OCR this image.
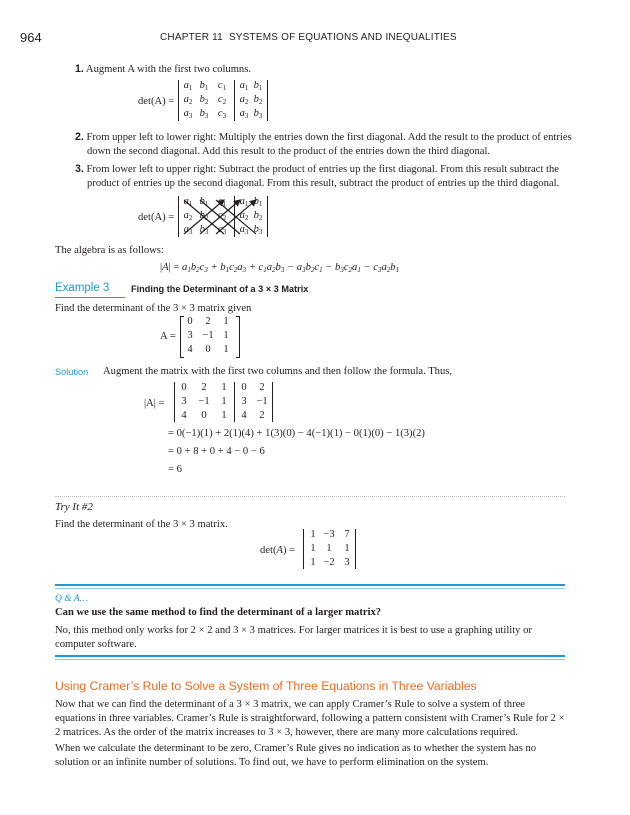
964	CHAPTER 11 SYSTEMS OF EQUATIONS AND INEQUALITIES
1. Augment A with the first two columns.
det(A) =
$a_1$ $b_1$ $c_1$	$a_1$ $b_1$
$a_2$ $b_2$ $c_2$	$a_2$ $b_2$
$a_3$ $b_3$ $c_3$	$a_3$ $b_3$
2. From upper left to lower right: Multiply the entries down the first diagonal. Add the result to the product of entries down the second diagonal. Add this result to the product of the entries down the third diagonal.
3. From lower left to upper right: Subtract the product of entries up the first diagonal. From this result subtract the product of entries up the second diagonal. From this result, subtract the product of entries up the third diagonal.
det(A) =
$a_1$ $b_1$ $c_1$	$a_1$ $b_1$
$a_2$ $b_2$ $c_2$	$a_2$ $b_2$
$a_3$ $b_3$ $c_3$	$a_3$ $b_3$
The algebra is as follows:
$|A| = a_1b_2c_3 + b_1c_2a_3 + c_1a_2b_3 - a_3b_2c_1 - b_3c_2a_1 - c_3a_2b_1$
Example 3 Finding the Determinant of a 3 × 3 Matrix
Find the determinant of the 3 × 3 matrix given
A =
0	2	1
3 −1 1
4	0	1
Solution Augment the matrix with the first two columns and then follow the formula. Thus,
|A| =
0	2	1	0	2
3	−1	1	3 −1
4	0	1	4	2
= 0(−1)(1) + 2(1)(4) + 1(3)(0) − 4(−1)(1) − 0(1)(0) − 1(3)(2)
= 0 + 8 + 0 + 4 − 0 − 6
= 6
Try It #2
Find the determinant of the 3 × 3 matrix.
det(A) =
1 −3 7
1	1	1
1 −2 3
Q & A…
Can we use the same method to find the determinant of a larger matrix?
No, this method only works for 2 × 2 and 3 × 3 matrices. For larger matrices it is best to use a graphing utility or computer software.
Using Cramer’s Rule to Solve a System of Three Equations in Three Variables
Now that we can find the determinant of a 3 × 3 matrix, we can apply Cramer’s Rule to solve a system of three equations in three variables. Cramer’s Rule is straightforward, following a pattern consistent with Cramer’s Rule for 2 × 2 matrices. As the order of the matrix increases to 3 × 3, however, there are many more calculations required.
When we calculate the determinant to be zero, Cramer’s Rule gives no indication as to whether the system has no solution or an infinite number of solutions. To find out, we have to perform elimination on the system.
